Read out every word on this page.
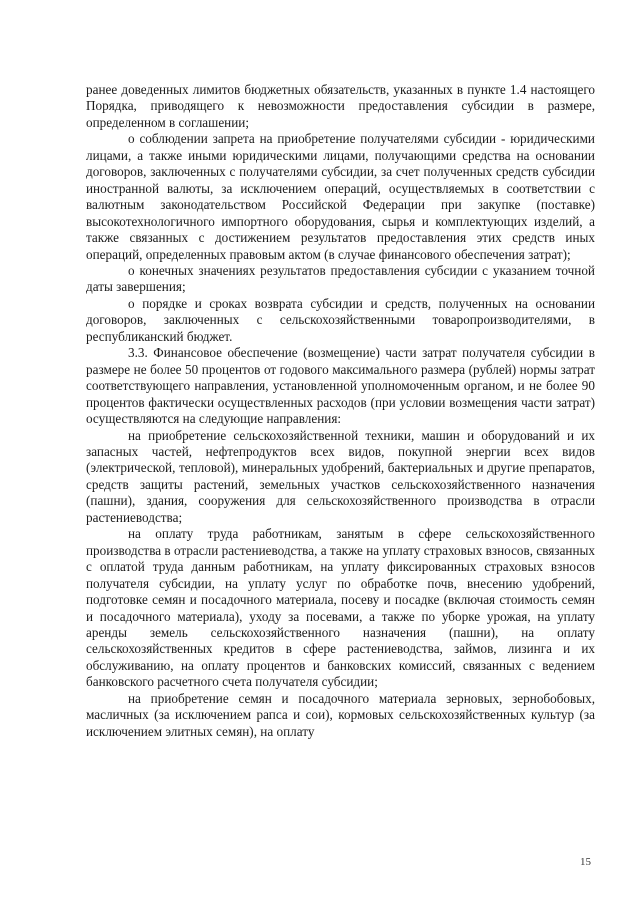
ранее доведенных лимитов бюджетных обязательств, указанных в пункте 1.4 настоящего Порядка, приводящего к невозможности предоставления субсидии в размере, определенном в соглашении;

о соблюдении запрета на приобретение получателями субсидии - юридическими лицами, а также иными юридическими лицами, получающими средства на основании договоров, заключенных с получателями субсидии, за счет полученных средств субсидии иностранной валюты, за исключением операций, осуществляемых в соответствии с валютным законодательством Российской Федерации при закупке (поставке) высокотехнологичного импортного оборудования, сырья и комплектующих изделий, а также связанных с достижением результатов предоставления этих средств иных операций, определенных правовым актом (в случае финансового обеспечения затрат);

о конечных значениях результатов предоставления субсидии с указанием точной даты завершения;

о порядке и сроках возврата субсидии и средств, полученных на основании договоров, заключенных с сельскохозяйственными товаропроизводителями, в республиканский бюджет.

3.3. Финансовое обеспечение (возмещение) части затрат получателя субсидии в размере не более 50 процентов от годового максимального размера (рублей) нормы затрат соответствующего направления, установленной уполномоченным органом, и не более 90 процентов фактически осуществленных расходов (при условии возмещения части затрат) осуществляются на следующие направления:

на приобретение сельскохозяйственной техники, машин и оборудований и их запасных частей, нефтепродуктов всех видов, покупной энергии всех видов (электрической, тепловой), минеральных удобрений, бактериальных и другие препаратов, средств защиты растений, земельных участков сельскохозяйственного назначения (пашни), здания, сооружения для сельскохозяйственного производства в отрасли растениеводства;

на оплату труда работникам, занятым в сфере сельскохозяйственного производства в отрасли растениеводства, а также на уплату страховых взносов, связанных с оплатой труда данным работникам, на уплату фиксированных страховых взносов получателя субсидии, на уплату услуг по обработке почв, внесению удобрений, подготовке семян и посадочного материала, посеву и посадке (включая стоимость семян и посадочного материала), уходу за посевами, а также по уборке урожая, на уплату аренды земель сельскохозяйственного назначения (пашни), на оплату сельскохозяйственных кредитов в сфере растениеводства, займов, лизинга и их обслуживанию, на оплату процентов и банковских комиссий, связанных с ведением банковского расчетного счета получателя субсидии;

на приобретение семян и посадочного материала зерновых, зернобобовых, масличных (за исключением рапса и сои), кормовых сельскохозяйственных культур (за исключением элитных семян), на оплату

15
